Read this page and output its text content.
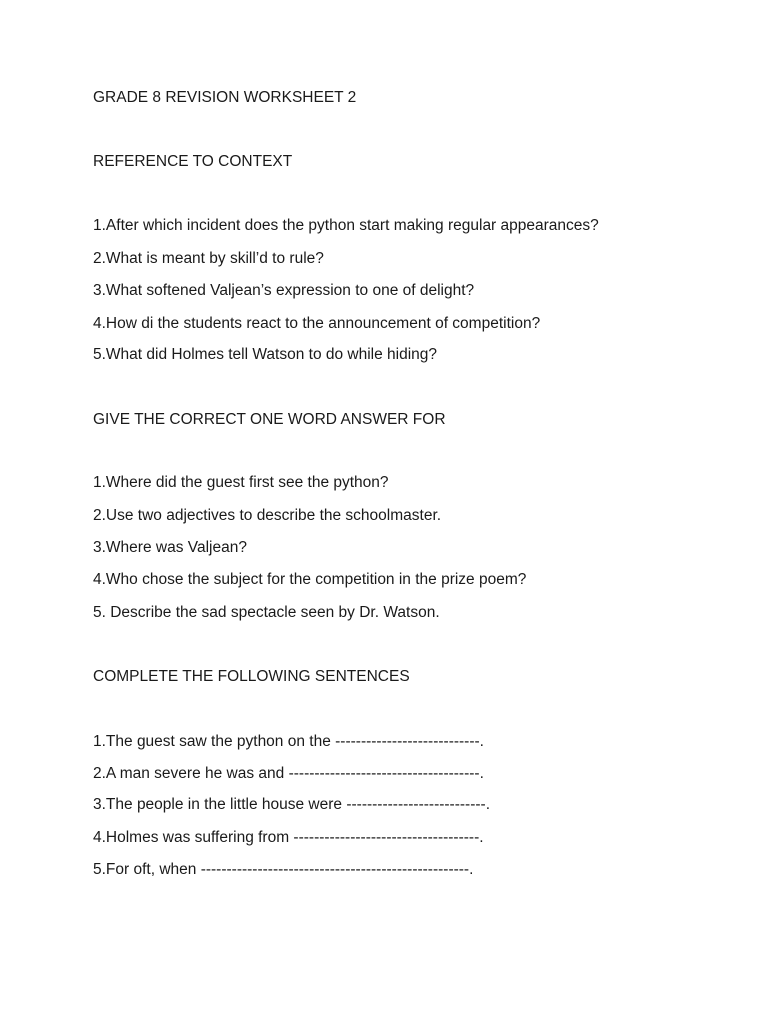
GRADE 8 REVISION WORKSHEET 2

REFERENCE TO CONTEXT

1.After which incident does the python start making regular appearances?

2.What is meant by skill’d to rule?

3.What softened Valjean’s expression to one of delight?

4.How di the students react to the announcement of competition?

5.What did Holmes tell Watson to do while hiding?

GIVE THE CORRECT ONE WORD ANSWER FOR

1.Where did the guest first see the python?

2.Use two adjectives to describe the schoolmaster.

3.Where was Valjean?

4.Who chose the subject for the competition in the prize poem?

5. Describe the sad spectacle seen by Dr. Watson.

COMPLETE THE FOLLOWING SENTENCES

1.The guest saw the python on the ----------------------------.

2.A man severe he was and -------------------------------------.

3.The people in the little house were ---------------------------.

4.Holmes was suffering from ------------------------------------.

5.For oft, when ----------------------------------------------------.
